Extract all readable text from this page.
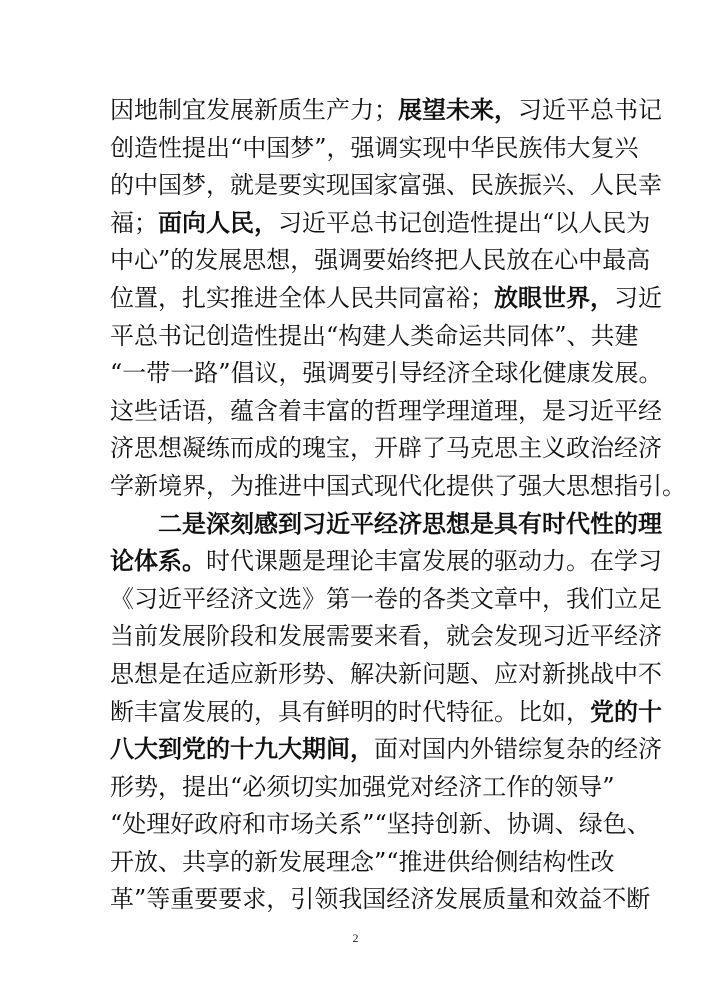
因地制宜发展新质生产力；展望未来，习近平总书记
创造性提出“中国梦”，强调实现中华民族伟大复兴
的中国梦，就是要实现国家富强、民族振兴、人民幸
福；面向人民，习近平总书记创造性提出“以人民为
中心”的发展思想，强调要始终把人民放在心中最高
位置，扎实推进全体人民共同富裕；放眼世界，习近
平总书记创造性提出“构建人类命运共同体”、共建
“一带一路”倡议，强调要引导经济全球化健康发展。
这些话语，蕴含着丰富的哲理学理道理，是习近平经
济思想凝练而成的瑰宝，开辟了马克思主义政治经济
学新境界，为推进中国式现代化提供了强大思想指引。
二是深刻感到习近平经济思想是具有时代性的理
论体系。时代课题是理论丰富发展的驱动力。在学习
《习近平经济文选》第一卷的各类文章中，我们立足
当前发展阶段和发展需要来看，就会发现习近平经济
思想是在适应新形势、解决新问题、应对新挑战中不
断丰富发展的，具有鲜明的时代特征。比如，党的十
八大到党的十九大期间，面对国内外错综复杂的经济
形势，提出“必须切实加强党对经济工作的领导”
“处理好政府和市场关系”“坚持创新、协调、绿色、
开放、共享的新发展理念”“推进供给侧结构性改
革”等重要要求，引领我国经济发展质量和效益不断
2
